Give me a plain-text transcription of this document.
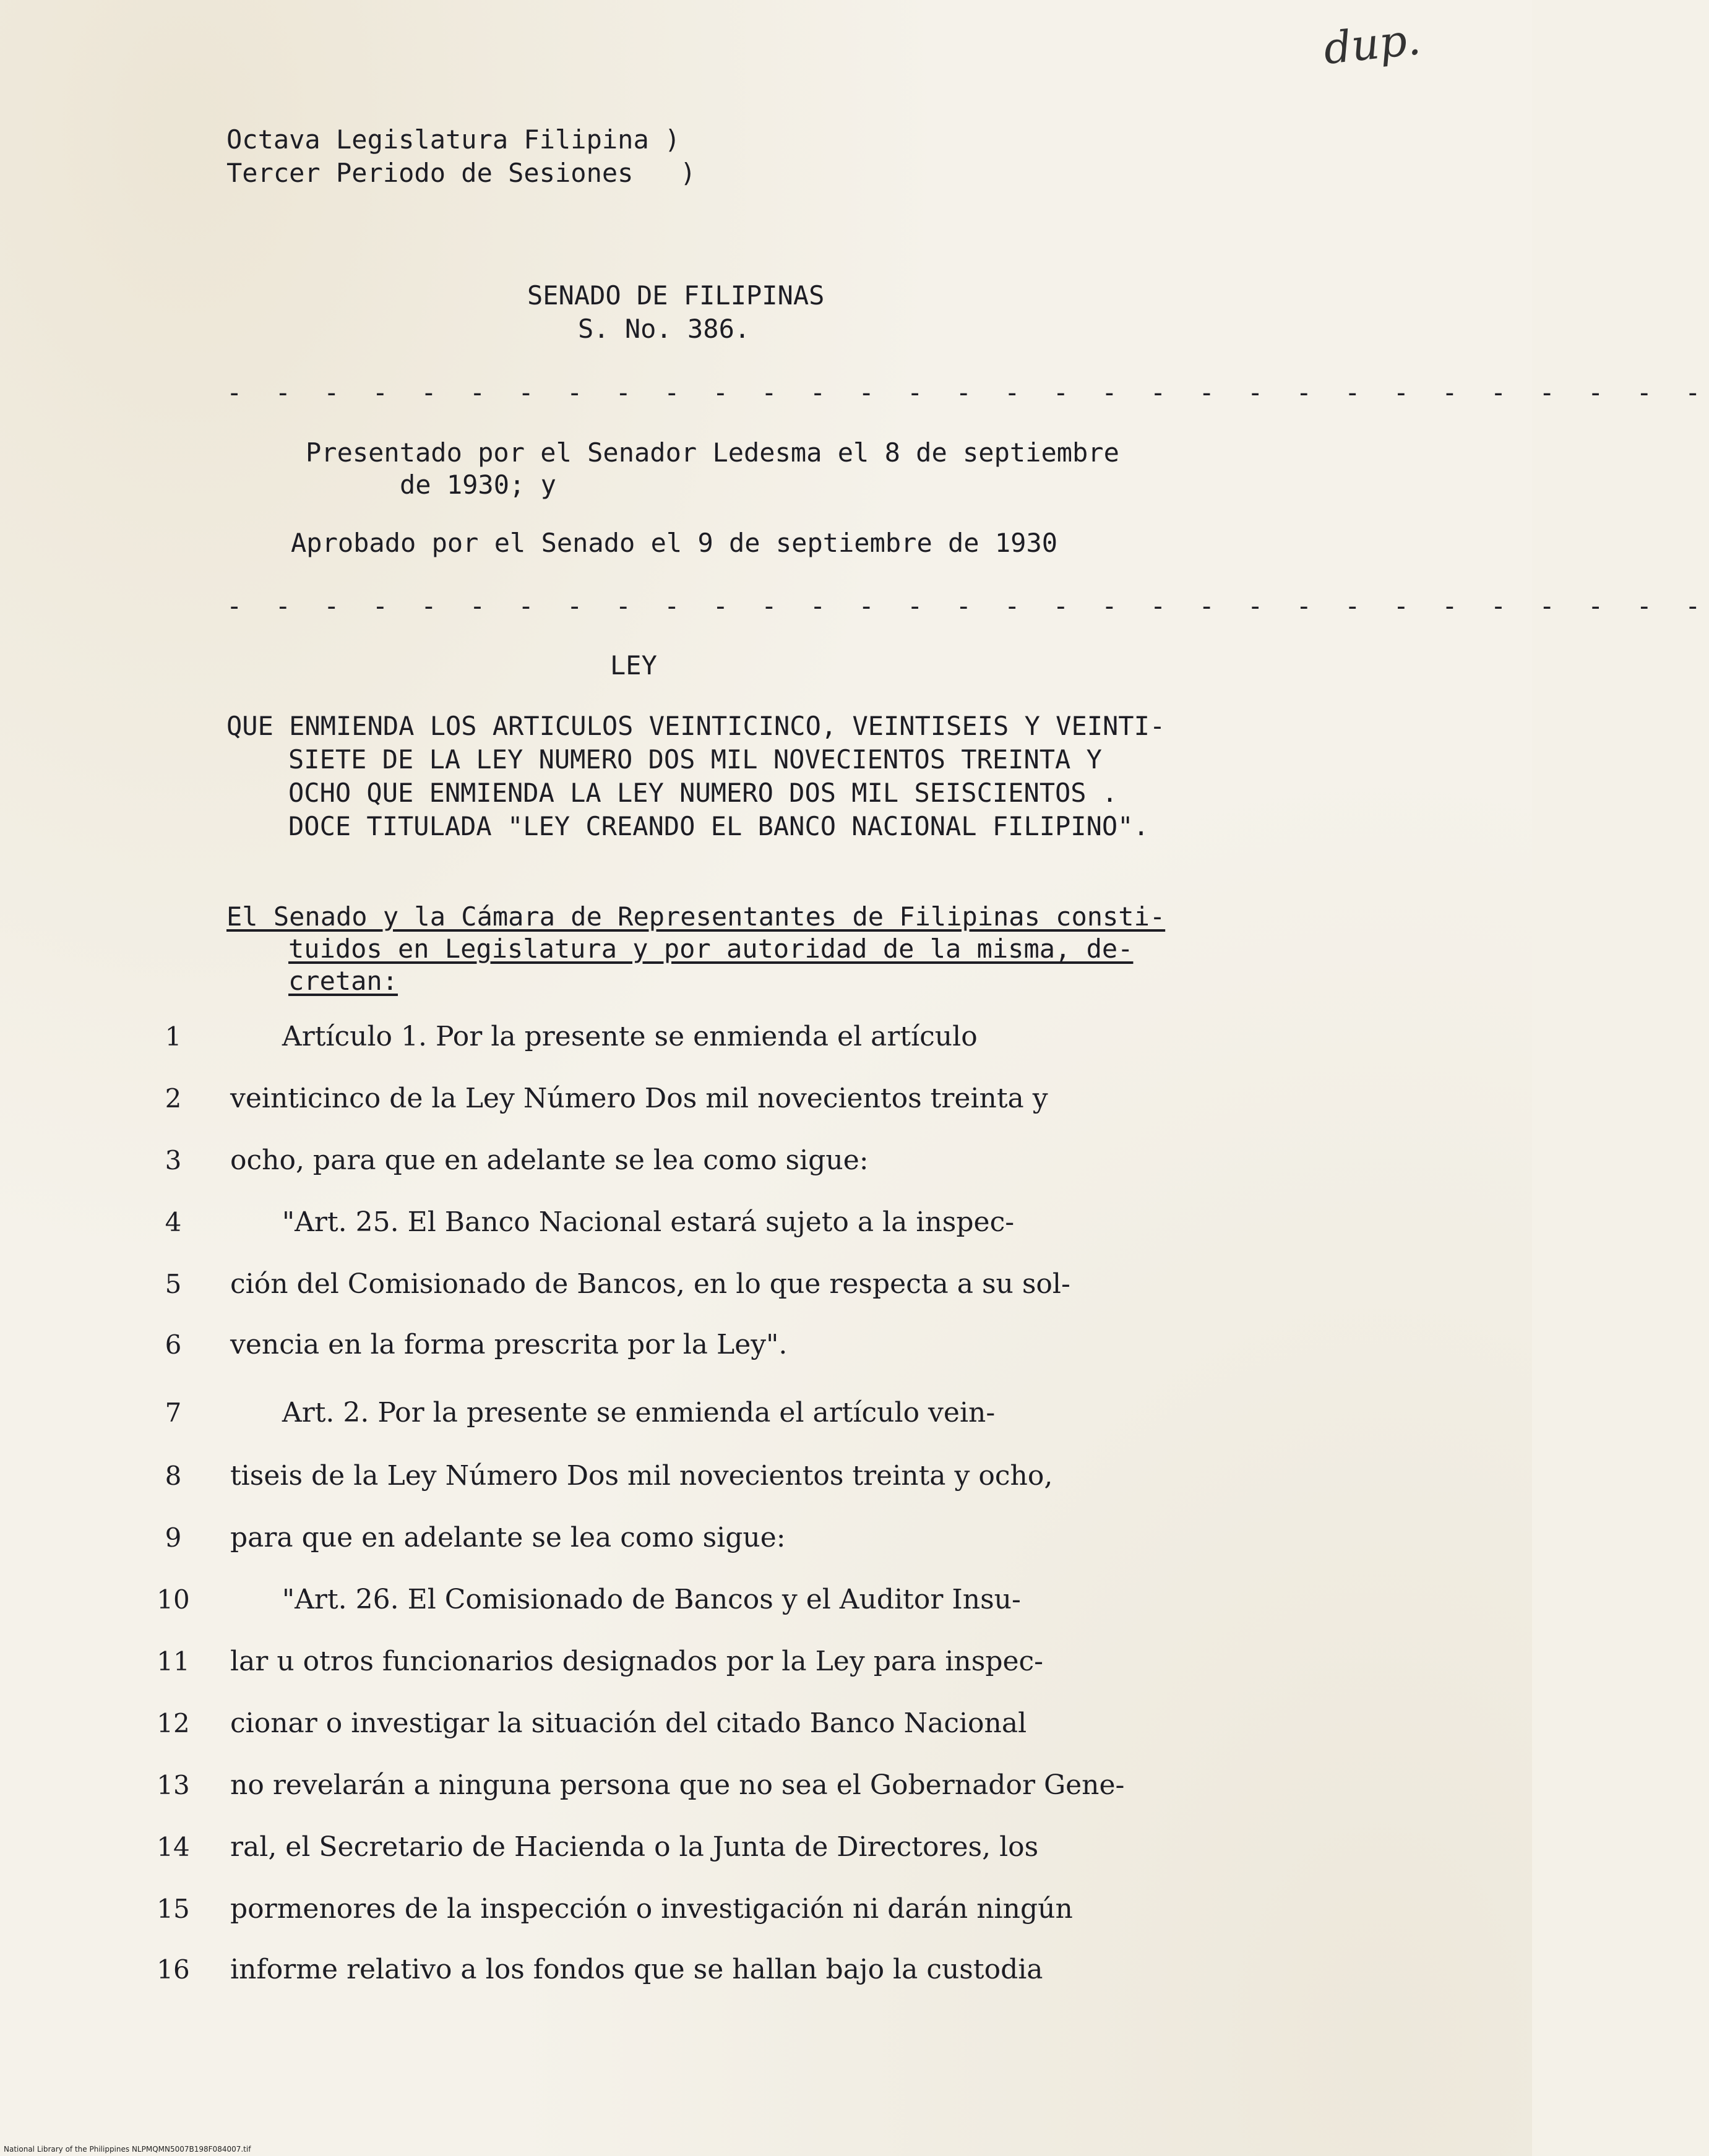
dup.
Octava Legislatura Filipina )
Tercer Periodo de Sesiones   )
SENADO DE FILIPINAS
S. No. 386.
- - - - - - - - - - - - - - - - - - - - - - - - - - - - - - -
Presentado por el Senador Ledesma el 8 de septiembre
de 1930; y
Aprobado por el Senado el 9 de septiembre de 1930
- - - - - - - - - - - - - - - - - - - - - - - - - - - - - - -
LEY
QUE ENMIENDA LOS ARTICULOS VEINTICINCO, VEINTISEIS Y VEINTI-
SIETE DE LA LEY NUMERO DOS MIL NOVECIENTOS TREINTA Y
OCHO QUE ENMIENDA LA LEY NUMERO DOS MIL SEISCIENTOS .
DOCE TITULADA "LEY CREANDO EL BANCO NACIONAL FILIPINO".
El Senado y la Cámara de Representantes de Filipinas consti-
tuidos en Legislatura y por autoridad de la misma, de-
cretan:
1	Artículo 1. Por la presente se enmienda el artículo
2	veinticinco de la Ley Número Dos mil novecientos treinta y
3	ocho, para que en adelante se lea como sigue:
4	"Art. 25. El Banco Nacional estará sujeto a la inspec-
5	ción del Comisionado de Bancos, en lo que respecta a su sol-
6	vencia en la forma prescrita por la Ley".
7	Art. 2. Por la presente se enmienda el artículo vein-
8	tiseis de la Ley Número Dos mil novecientos treinta y ocho,
9	para que en adelante se lea como sigue:
10	"Art. 26. El Comisionado de Bancos y el Auditor Insu-
11	lar u otros funcionarios designados por la Ley para inspec-
12	cionar o investigar la situación del citado Banco Nacional
13	no revelarán a ninguna persona que no sea el Gobernador Gene-
14	ral, el Secretario de Hacienda o la Junta de Directores, los
15	pormenores de la inspección o investigación ni darán ningún
16	informe relativo a los fondos que se hallan bajo la custodia
National Library of the Philippines NLPMQMN5007B198F084007.tif
